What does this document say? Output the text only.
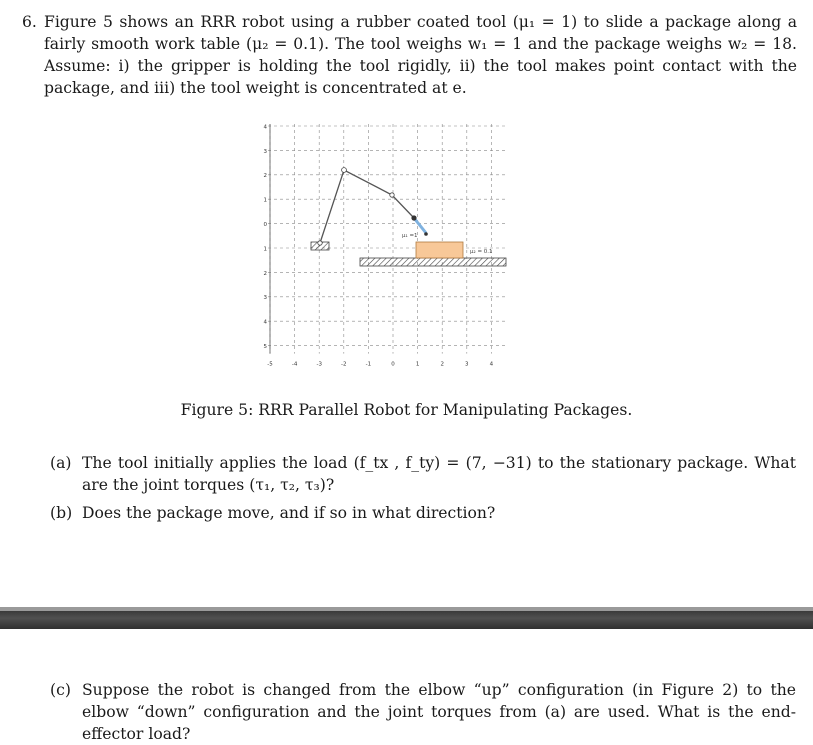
6. Figure 5 shows an RRR robot using a rubber coated tool (μ₁ = 1) to slide a package along a fairly smooth work table (μ₂ = 0.1). The tool weighs w₁ = 1 and the package weighs w₂ = 18. Assume: i) the gripper is holding the tool rigidly, ii) the tool makes point contact with the package, and iii) the tool weight is concentrated at e.
-5	-4	-3	-2	-1	0	1	2	3	4
4
3
2
1
0
1
2
3
4
5
μ₁ =1
μ₂ = 0.1
Figure 5: RRR Parallel Robot for Manipulating Packages.
(a) The tool initially applies the load (f_tx , f_ty) = (7, −31) to the stationary package. What are the joint torques (τ₁, τ₂, τ₃)?
(b) Does the package move, and if so in what direction?
(c) Suppose the robot is changed from the elbow “up” configuration (in Figure 2) to the elbow “down” configuration and the joint torques from (a) are used. What is the end-effector load?
